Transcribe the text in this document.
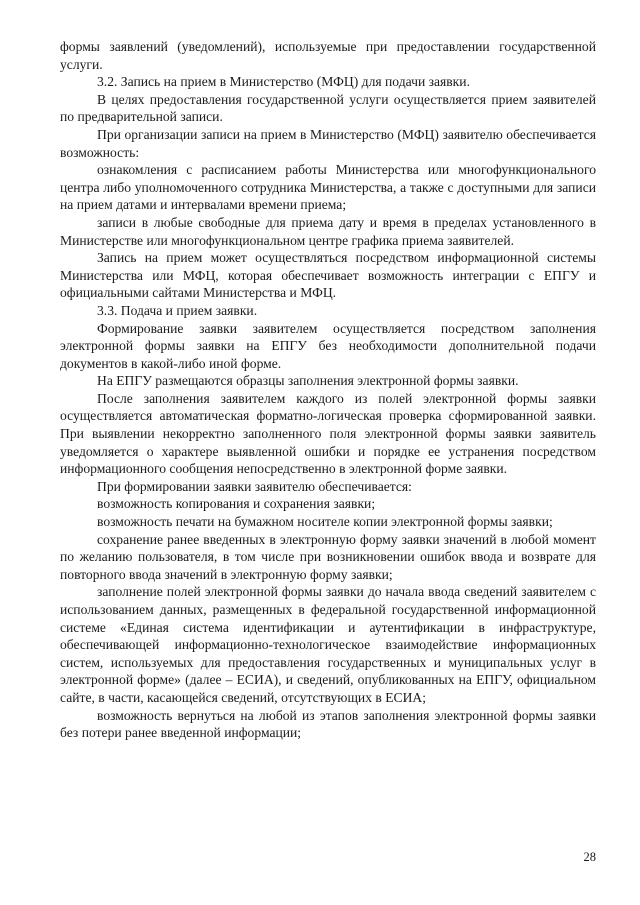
формы заявлений (уведомлений), используемые при предоставлении государственной услуги.

3.2. Запись на прием в Министерство (МФЦ) для подачи заявки.

В целях предоставления государственной услуги осуществляется прием заявителей по предварительной записи.

При организации записи на прием в Министерство (МФЦ) заявителю обеспечивается возможность:

ознакомления с расписанием работы Министерства или многофункционального центра либо уполномоченного сотрудника Министерства, а также с доступными для записи на прием датами и интервалами времени приема;

записи в любые свободные для приема дату и время в пределах установленного в Министерстве или многофункциональном центре графика приема заявителей.

Запись на прием может осуществляться посредством информационной системы Министерства или МФЦ, которая обеспечивает возможность интеграции с ЕПГУ и официальными сайтами Министерства и МФЦ.

3.3. Подача и прием заявки.

Формирование заявки заявителем осуществляется посредством заполнения электронной формы заявки на ЕПГУ без необходимости дополнительной подачи документов в какой-либо иной форме.

На ЕПГУ размещаются образцы заполнения электронной формы заявки.

После заполнения заявителем каждого из полей электронной формы заявки осуществляется автоматическая форматно-логическая проверка сформированной заявки. При выявлении некорректно заполненного поля электронной формы заявки заявитель уведомляется о характере выявленной ошибки и порядке ее устранения посредством информационного сообщения непосредственно в электронной форме заявки.

При формировании заявки заявителю обеспечивается:

возможность копирования и сохранения заявки;

возможность печати на бумажном носителе копии электронной формы заявки;

сохранение ранее введенных в электронную форму заявки значений в любой момент по желанию пользователя, в том числе при возникновении ошибок ввода и возврате для повторного ввода значений в электронную форму заявки;

заполнение полей электронной формы заявки до начала ввода сведений заявителем с использованием данных, размещенных в федеральной государственной информационной системе «Единая система идентификации и аутентификации в инфраструктуре, обеспечивающей информационно-технологическое взаимодействие информационных систем, используемых для предоставления государственных и муниципальных услуг в электронной форме» (далее – ЕСИА), и сведений, опубликованных на ЕПГУ, официальном сайте, в части, касающейся сведений, отсутствующих в ЕСИА;

возможность вернуться на любой из этапов заполнения электронной формы заявки без потери ранее введенной информации;

28
